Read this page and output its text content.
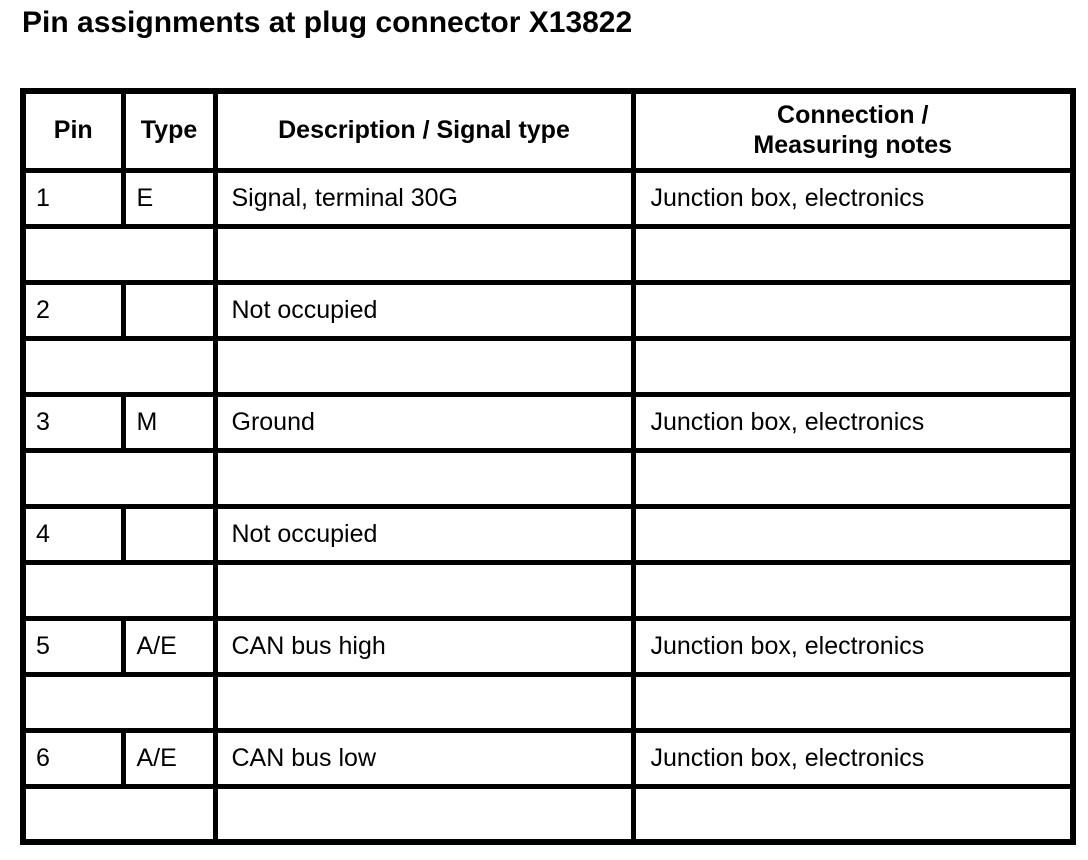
Pin assignments at plug connector X13822
Pin	Type	Description / Signal type	Connection /
Measuring notes
1	E	Signal, terminal 30G	Junction box, electronics

2		Not occupied	

3	M	Ground	Junction box, electronics

4		Not occupied	

5	A/E	CAN bus high	Junction box, electronics

6	A/E	CAN bus low	Junction box, electronics
